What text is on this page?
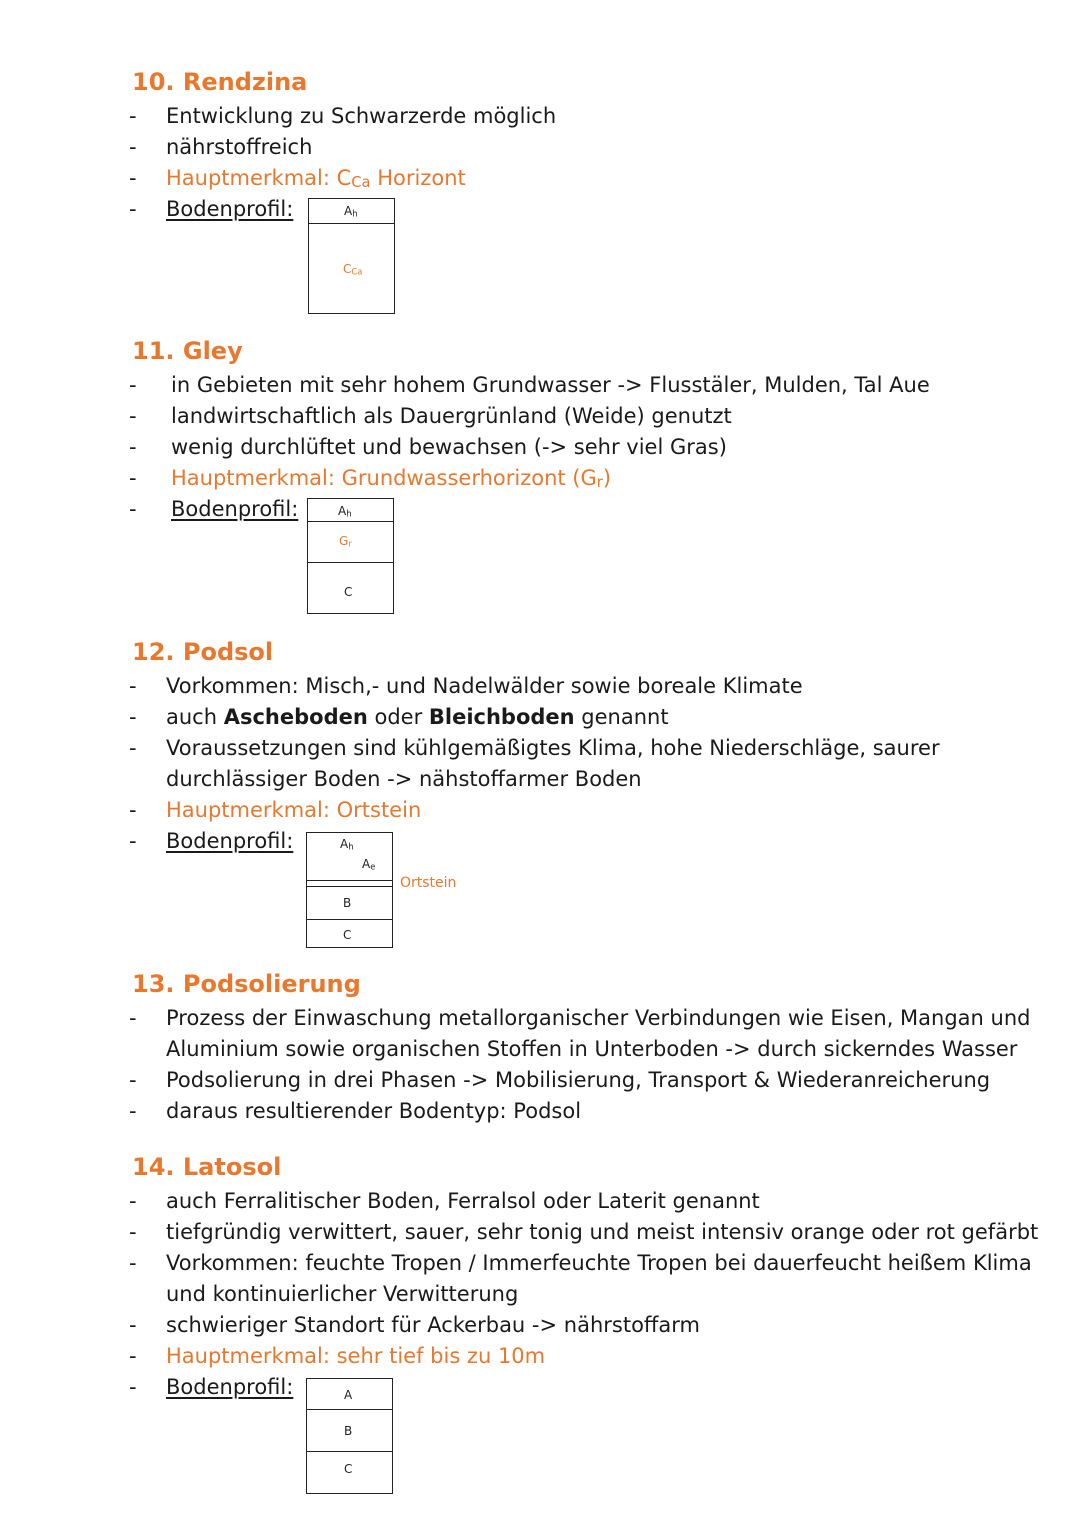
10. Rendzina
- Entwicklung zu Schwarzerde möglich
- nährstoffreich
- Hauptmerkmal: $C_{Ca}$ Horizont
- Bodenprofil:	$A_h$
$C_{Ca}$
11. Gley
- in Gebieten mit sehr hohem Grundwasser -> Flusstäler, Mulden, Tal Aue
- landwirtschaftlich als Dauergrünland (Weide) genutzt
- wenig durchlüftet und bewachsen (-> sehr viel Gras)
- Hauptmerkmal: Grundwasserhorizont $(G_r)$
- Bodenprofil:	$A_h$
$G_r$
C
12. Podsol
- Vorkommen: Misch,- und Nadelwälder sowie boreale Klimate
- auch Ascheboden oder Bleichboden genannt
- Voraussetzungen sind kühlgemäßigtes Klima, hohe Niederschläge, saurer
durchlässiger Boden -> nähstoffarmer Boden
- Hauptmerkmal: Ortstein
- Bodenprofil:	$A_h$
$A_e$
B
C
Ortstein
13. Podsolierung
- Prozess der Einwaschung metallorganischer Verbindungen wie Eisen, Mangan und
Aluminium sowie organischen Stoffen in Unterboden -> durch sickerndes Wasser
- Podsolierung in drei Phasen -> Mobilisierung, Transport & Wiederanreicherung
- daraus resultierender Bodentyp: Podsol
14. Latosol
- auch Ferralitischer Boden, Ferralsol oder Laterit genannt
- tiefgründig verwittert, sauer, sehr tonig und meist intensiv orange oder rot gefärbt
- Vorkommen: feuchte Tropen / Immerfeuchte Tropen bei dauerfeucht heißem Klima
und kontinuierlicher Verwitterung
- schwieriger Standort für Ackerbau -> nährstoffarm
- Hauptmerkmal: sehr tief bis zu 10m
- Bodenprofil:	A
B
C
